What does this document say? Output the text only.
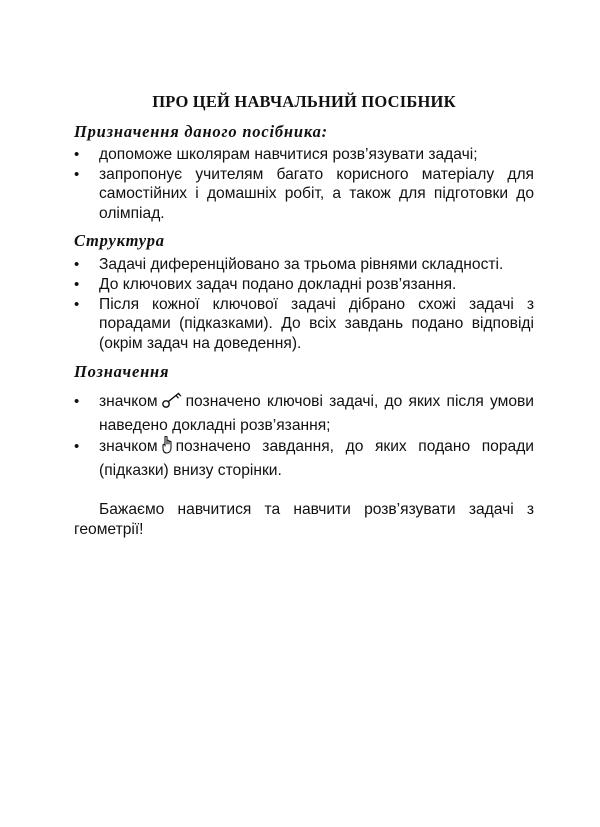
ПРО ЦЕЙ НАВЧАЛЬНИЙ ПОСІБНИК
Призначення даного посібника:
• допоможе школярам навчитися розв’язувати задачі;
• запропонує учителям багато корисного матеріалу для самостійних і домашніх робіт, а також для підготовки до олімпіад.
Структура
• Задачі диференційовано за трьома рівнями складності.
• До ключових задач подано докладні розв’язання.
• Після кожної ключової задачі дібрано схожі задачі з порадами (підказками). До всіх завдань подано відповіді (окрім задач на доведення).
Позначення
• значком позначено ключові задачі, до яких після умови наведено докладні розв’язання;
• значком позначено завдання, до яких подано поради (підказки) внизу сторінки.

Бажаємо навчитися та навчити розв’язувати задачі з геометрії!
